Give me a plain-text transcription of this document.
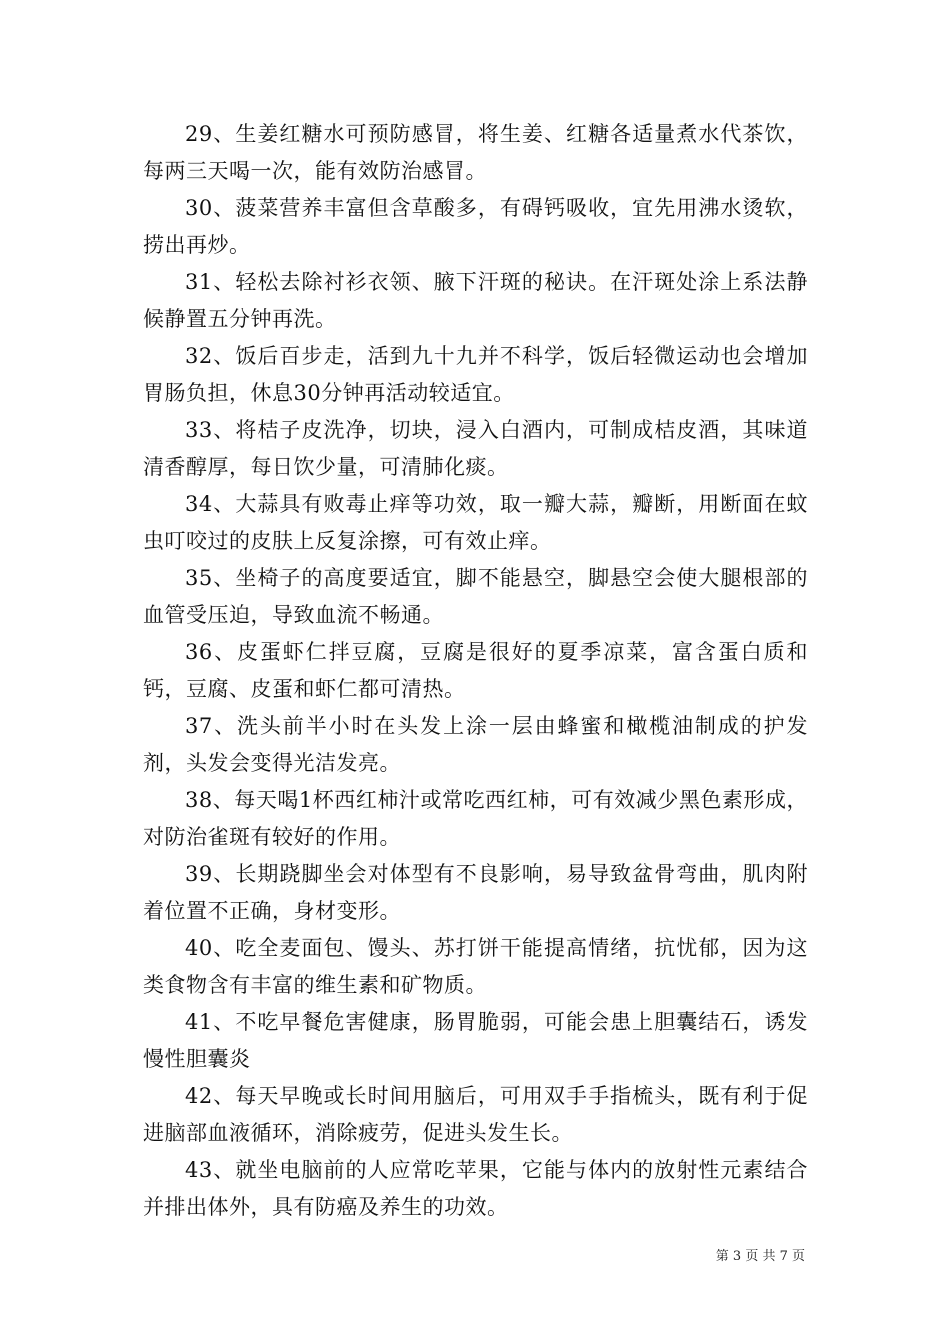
29、生姜红糖水可预防感冒，将生姜、红糖各适量煮水代茶饮，每两三天喝一次，能有效防治感冒。

30、菠菜营养丰富但含草酸多，有碍钙吸收，宜先用沸水烫软，捞出再炒。

31、轻松去除衬衫衣领、腋下汗斑的秘诀。在汗斑处涂上系法静候静置五分钟再洗。

32、饭后百步走，活到九十九并不科学，饭后轻微运动也会增加胃肠负担，休息30分钟再活动较适宜。

33、将桔子皮洗净，切块，浸入白酒内，可制成桔皮酒，其味道清香醇厚，每日饮少量，可清肺化痰。

34、大蒜具有败毒止痒等功效，取一瓣大蒜，瓣断，用断面在蚊虫叮咬过的皮肤上反复涂擦，可有效止痒。

35、坐椅子的高度要适宜，脚不能悬空，脚悬空会使大腿根部的血管受压迫，导致血流不畅通。

36、皮蛋虾仁拌豆腐，豆腐是很好的夏季凉菜，富含蛋白质和钙，豆腐、皮蛋和虾仁都可清热。

37、洗头前半小时在头发上涂一层由蜂蜜和橄榄油制成的护发剂，头发会变得光洁发亮。

38、每天喝1杯西红柿汁或常吃西红柿，可有效减少黑色素形成，对防治雀斑有较好的作用。

39、长期跷脚坐会对体型有不良影响，易导致盆骨弯曲，肌肉附着位置不正确，身材变形。

40、吃全麦面包、馒头、苏打饼干能提高情绪，抗忧郁，因为这类食物含有丰富的维生素和矿物质。

41、不吃早餐危害健康，肠胃脆弱，可能会患上胆囊结石，诱发慢性胆囊炎

42、每天早晚或长时间用脑后，可用双手手指梳头，既有利于促进脑部血液循环，消除疲劳，促进头发生长。

43、就坐电脑前的人应常吃苹果，它能与体内的放射性元素结合并排出体外，具有防癌及养生的功效。

第 3 页 共 7 页
